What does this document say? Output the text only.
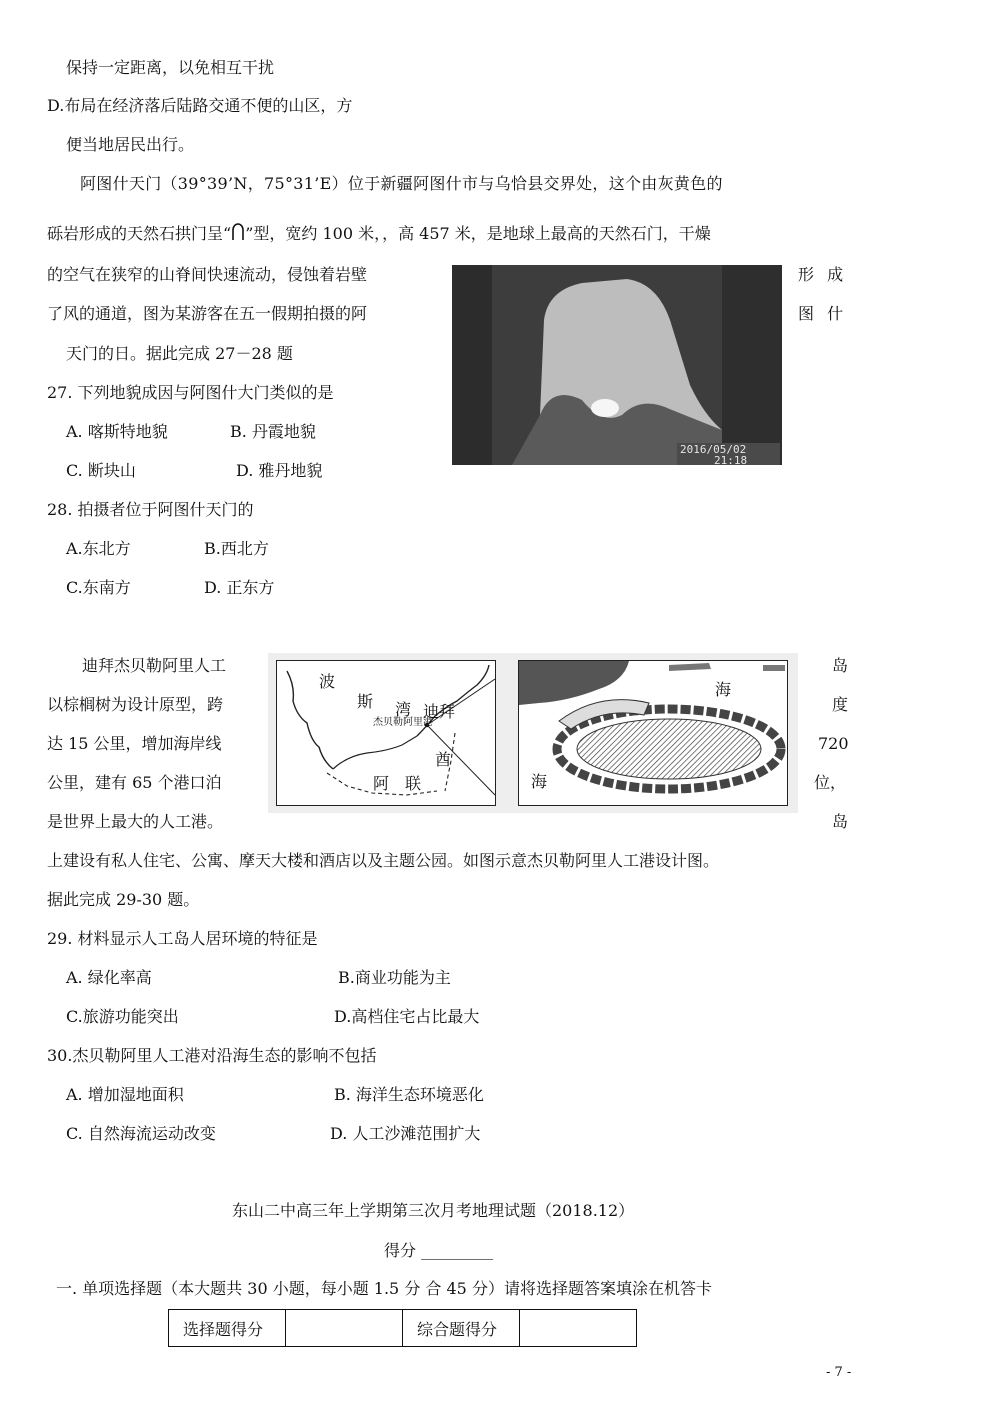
保持一定距离，以免相互干扰
D.布局在经济落后陆路交通不便的山区，方
便当地居民出行。
阿图什天门（39°39’N，75°31’E）位于新疆阿图什市与乌恰县交界处，这个由灰黄色的
砾岩形成的天然石拱门呈“ ”型，宽约 100 米，，高 457 米，是地球上最高的天然石门，干燥
的空气在狭窄的山脊间快速流动，侵蚀着岩壁	形 成
了风的通道，图为某游客在五一假期拍摄的阿	图 什
天门的日。据此完成 27－28 题
2016/05/02
21:18
27. 下列地貌成因与阿图什大门类似的是
A. 喀斯特地貌	B. 丹霞地貌
C. 断块山	D. 雅丹地貌
28. 拍摄者位于阿图什天门的
A.东北方	B.西北方
C.东南方	D. 正东方
迪拜杰贝勒阿里人工	岛
以棕榈树为设计原型，跨	度
达 15 公里，增加海岸线	720
公里，建有 65 个港口泊	位，
是世界上最大的人工港。	岛
上建设有私人住宅、公寓、摩天大楼和酒店以及主题公园。如图示意杰贝勒阿里人工港设计图。
据此完成 29-30 题。
波
斯 湾 迪拜
杰贝勒阿里港
酋
阿 联
海
海
29. 材料显示人工岛人居环境的特征是
A. 绿化率高	B.商业功能为主
C.旅游功能突出	D.高档住宅占比最大
30.杰贝勒阿里人工港对沿海生态的影响不包括
A. 增加湿地面积	B. 海洋生态环境恶化
C. 自然海流运动改变	D. 人工沙滩范围扩大
东山二中高三年上学期第三次月考地理试题（2018.12）
得分 _________
一. 单项选择题（本大题共 30 小题，每小题 1.5 分 合 45 分）请将选择题答案填涂在机答卡
选择题得分		综合题得分	
- 7 -
